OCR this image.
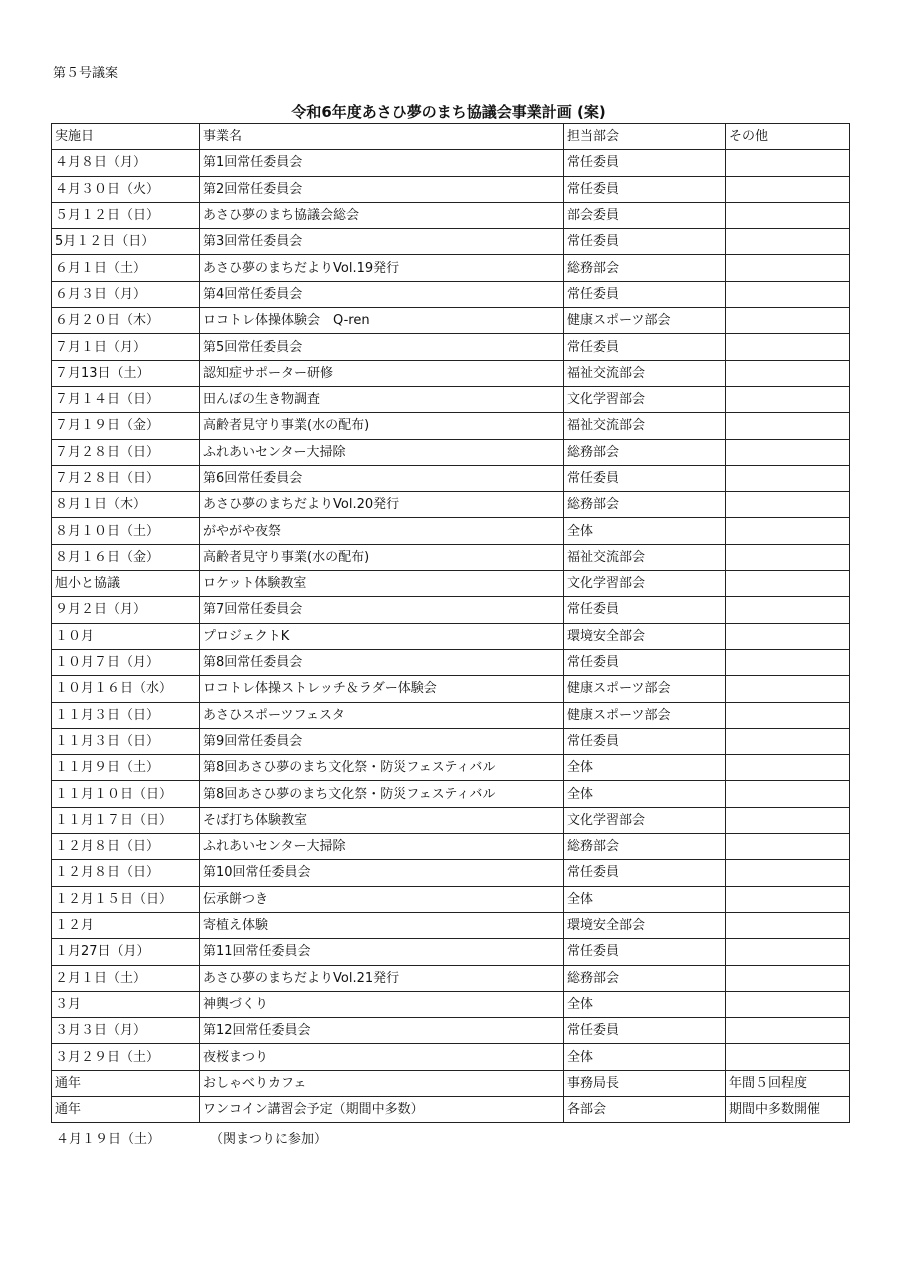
第５号議案
令和6年度あさひ夢のまち協議会事業計画 (案)
実施日	事業名	担当部会	その他
４月８日（月）	第1回常任委員会	常任委員	
４月３０日（火）	第2回常任委員会	常任委員	
５月１２日（日）	あさひ夢のまち協議会総会	部会委員	
5月１２日（日）	第3回常任委員会	常任委員	
６月１日（土）	あさひ夢のまちだよりVol.19発行	総務部会	
６月３日（月）	第4回常任委員会	常任委員	
６月２０日（木）	ロコトレ体操体験会　Q-ren	健康スポーツ部会	
７月１日（月）	第5回常任委員会	常任委員	
７月13日（土）	認知症サポーター研修	福祉交流部会	
７月１４日（日）	田んぼの生き物調査	文化学習部会	
７月１９日（金）	高齢者見守り事業(水の配布)	福祉交流部会	
７月２８日（日）	ふれあいセンター大掃除	総務部会	
７月２８日（日）	第6回常任委員会	常任委員	
８月１日（木）	あさひ夢のまちだよりVol.20発行	総務部会	
８月１０日（土）	がやがや夜祭	全体	
８月１６日（金）	高齢者見守り事業(水の配布)	福祉交流部会	
旭小と協議	ロケット体験教室	文化学習部会	
９月２日（月）	第7回常任委員会	常任委員	
１０月	プロジェクトK	環境安全部会	
１０月７日（月）	第8回常任委員会	常任委員	
１０月１６日（水）	ロコトレ体操ストレッチ＆ラダー体験会	健康スポーツ部会	
１１月３日（日）	あさひスポーツフェスタ	健康スポーツ部会	
１１月３日（日）	第9回常任委員会	常任委員	
１１月９日（土）	第8回あさひ夢のまち文化祭・防災フェスティバル	全体	
１１月１０日（日）	第8回あさひ夢のまち文化祭・防災フェスティバル	全体	
１１月１７日（日）	そば打ち体験教室	文化学習部会	
１２月８日（日）	ふれあいセンター大掃除	総務部会	
１２月８日（日）	第10回常任委員会	常任委員	
１２月１５日（日）	伝承餅つき	全体	
１２月	寄植え体験	環境安全部会	
１月27日（月）	第11回常任委員会	常任委員	
２月１日（土）	あさひ夢のまちだよりVol.21発行	総務部会	
３月	神輿づくり	全体	
３月３日（月）	第12回常任委員会	常任委員	
３月２９日（土）	夜桜まつり	全体	
通年	おしゃべりカフェ	事務局長	年間５回程度
通年	ワンコイン講習会予定（期間中多数）	各部会	期間中多数開催
４月１９日（土）	（関まつりに参加）
